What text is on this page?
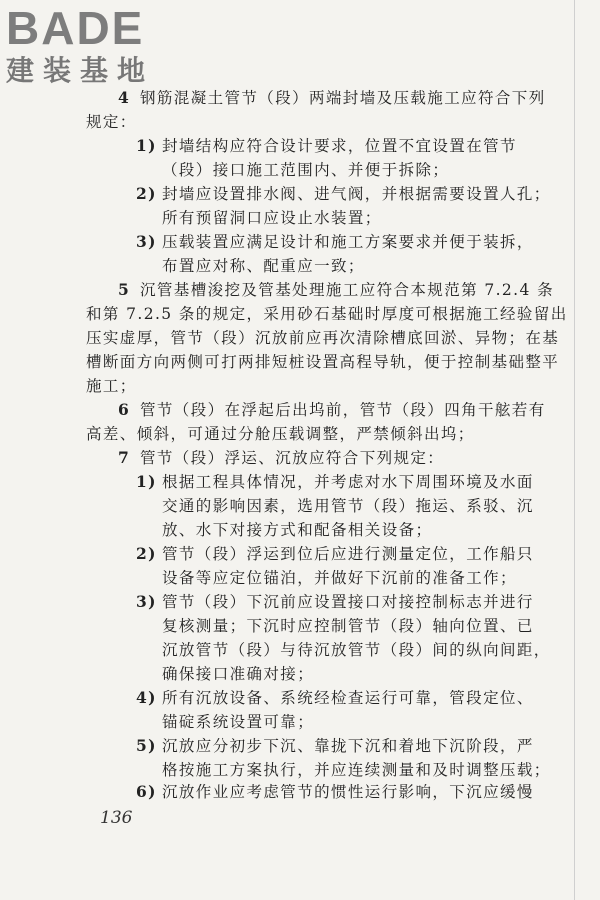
BADE
建装基地
4 钢筋混凝土管节（段）两端封墙及压载施工应符合下列
规定：
1) 封墙结构应符合设计要求，位置不宜设置在管节
（段）接口施工范围内、并便于拆除；
2) 封墙应设置排水阀、进气阀，并根据需要设置人孔；
所有预留洞口应设止水装置；
3) 压载装置应满足设计和施工方案要求并便于装拆，
布置应对称、配重应一致；
5 沉管基槽浚挖及管基处理施工应符合本规范第 7.2.4 条
和第 7.2.5 条的规定，采用砂石基础时厚度可根据施工经验留出
压实虚厚，管节（段）沉放前应再次清除槽底回淤、异物；在基
槽断面方向两侧可打两排短桩设置高程导轨，便于控制基础整平
施工；
6 管节（段）在浮起后出坞前，管节（段）四角干舷若有
高差、倾斜，可通过分舱压载调整，严禁倾斜出坞；
7 管节（段）浮运、沉放应符合下列规定：
1) 根据工程具体情况，并考虑对水下周围环境及水面
交通的影响因素，选用管节（段）拖运、系驳、沉
放、水下对接方式和配备相关设备；
2) 管节（段）浮运到位后应进行测量定位，工作船只
设备等应定位锚泊，并做好下沉前的准备工作；
3) 管节（段）下沉前应设置接口对接控制标志并进行
复核测量；下沉时应控制管节（段）轴向位置、已
沉放管节（段）与待沉放管节（段）间的纵向间距，
确保接口准确对接；
4) 所有沉放设备、系统经检查运行可靠，管段定位、
锚碇系统设置可靠；
5) 沉放应分初步下沉、靠拢下沉和着地下沉阶段，严
格按施工方案执行，并应连续测量和及时调整压载；
6) 沉放作业应考虑管节的惯性运行影响，下沉应缓慢
136
